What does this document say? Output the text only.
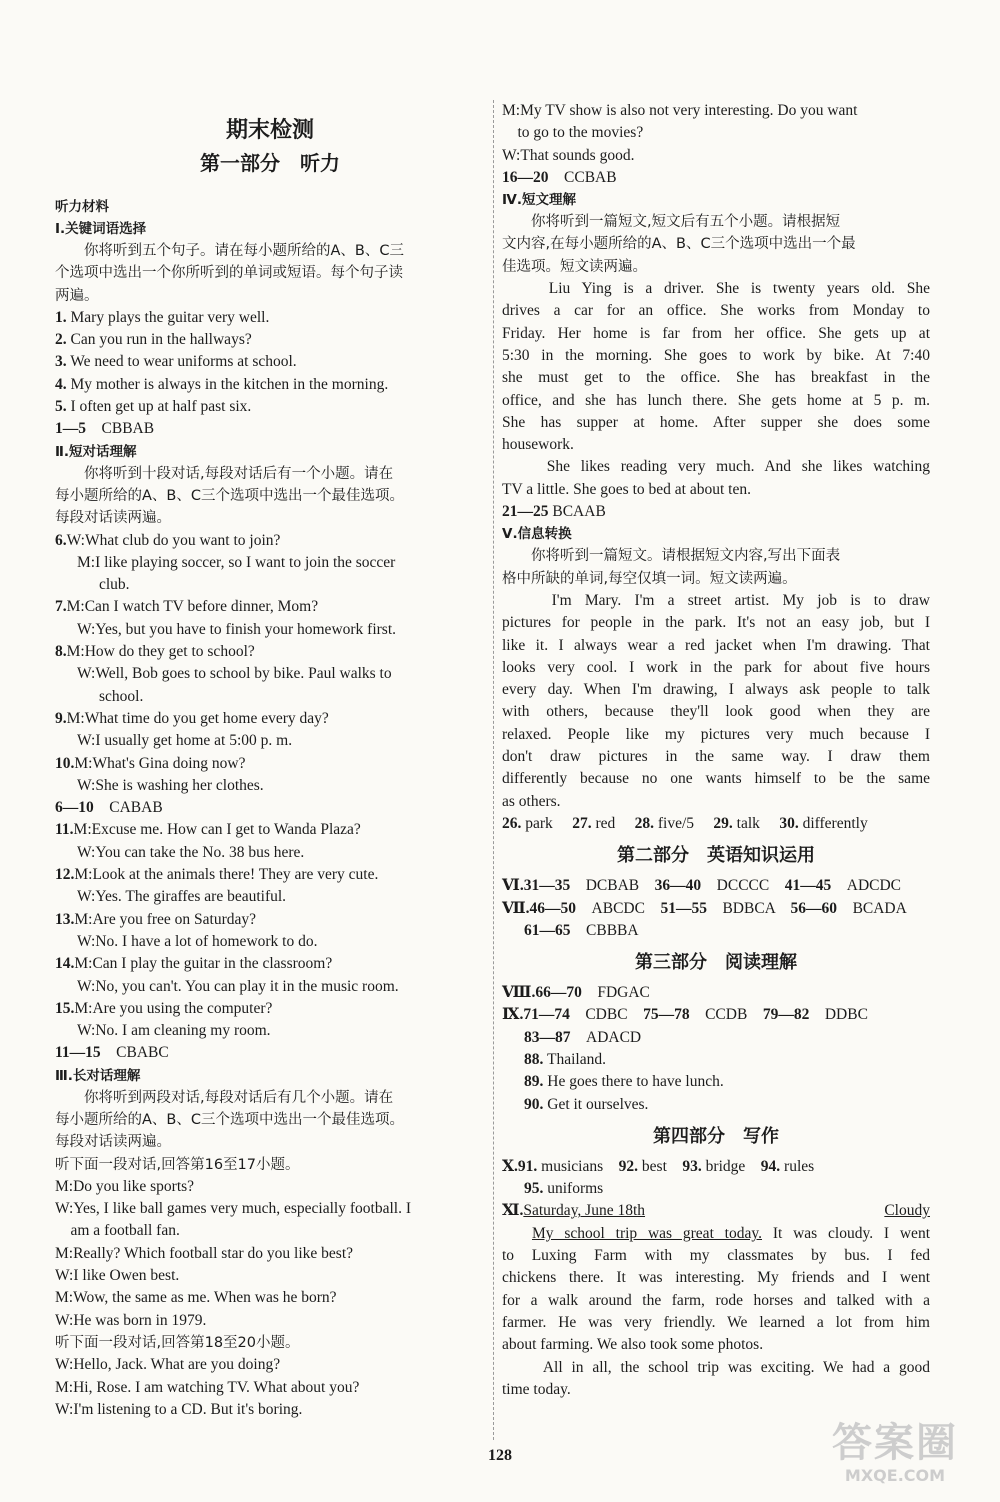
期末检测
第一部分　听力
听力材料
Ⅰ.关键词语选择
　　你将听到五个句子。请在每小题所给的A、B、C三
个选项中选出一个你所听到的单词或短语。每个句子读
两遍。
1. Mary plays the guitar very well.
2. Can you run in the hallways?
3. We need to wear uniforms at school.
4. My mother is always in the kitchen in the morning.
5. I often get up at half past six.
1—5　 CBBAB
Ⅱ.短对话理解
　　你将听到十段对话,每段对话后有一个小题。请在
每小题所给的A、B、C三个选项中选出一个最佳选项。
每段对话读两遍。
6.W:What club do you want to join?
M:I like playing soccer, so I want to join the soccer
club.
7.M:Can I watch TV before dinner, Mom?
W:Yes, but you have to finish your homework first.
8.M:How do they get to school?
W:Well, Bob goes to school by bike. Paul walks to
school.
9.M:What time do you get home every day?
W:I usually get home at 5:00 p. m.
10.M:What's Gina doing now?
W:She is washing her clothes.
6—10　 CABAB
11.M:Excuse me. How can I get to Wanda Plaza?
W:You can take the No. 38 bus here.
12.M:Look at the animals there! They are very cute.
W:Yes. The giraffes are beautiful.
13.M:Are you free on Saturday?
W:No. I have a lot of homework to do.
14.M:Can I play the guitar in the classroom?
W:No, you can't. You can play it in the music room.
15.M:Are you using the computer?
W:No. I am cleaning my room.
11—15　 CBABC
Ⅲ.长对话理解
　　你将听到两段对话,每段对话后有几个小题。请在
每小题所给的A、B、C三个选项中选出一个最佳选项。
每段对话读两遍。
听下面一段对话,回答第16至17小题。
M:Do you like sports?
W:Yes, I like ball games very much, especially football. I
　am a football fan.
M:Really? Which football star do you like best?
W:I like Owen best.
M:Wow, the same as me. When was he born?
W:He was born in 1979.
听下面一段对话,回答第18至20小题。
W:Hello, Jack. What are you doing?
M:Hi, Rose. I am watching TV. What about you?
W:I'm listening to a CD. But it's boring.
M:My TV show is also not very interesting. Do you want
　to go to the movies?
W:That sounds good.
16—20　 CCBAB
Ⅳ.短文理解
　　你将听到一篇短文,短文后有五个小题。请根据短
文内容,在每小题所给的A、B、C三个选项中选出一个最
佳选项。短文读两遍。
　　Liu Ying is a driver. She is twenty years old. She
drives a car for an office. She works from Monday to
Friday. Her home is far from her office. She gets up at
5:30 in the morning. She goes to work by bike. At 7:40
she must get to the office. She has breakfast in the
office, and she has lunch there. She gets home at 5 p. m.
She has supper at home. After supper she does some
housework.
　　She likes reading very much. And she likes watching
TV a little. She goes to bed at about ten.
21—25 BCAAB
Ⅴ.信息转换
　　你将听到一篇短文。请根据短文内容,写出下面表
格中所缺的单词,每空仅填一词。短文读两遍。
　　I'm Mary. I'm a street artist. My job is to draw
pictures for people in the park. It's not an easy job, but I
like it. I always wear a red jacket when I'm drawing. That
looks very cool. I work in the park for about five hours
every day. When I'm drawing, I always ask people to talk
with others, because they'll look good when they are
relaxed. People like my pictures very much because I
don't draw pictures in the same way. I draw them
differently because no one wants himself to be the same
as others.
26. park　 27. red　 28. five/5　 29. talk　 30. differently
第二部分　英语知识运用
Ⅵ.31—35　 DCBAB　 36—40　 DCCCC　 41—45　 ADCDC
Ⅶ.46—50　 ABCDC　 51—55　 BDBCA　 56—60　 BCADA
61—65　 CBBBA
第三部分　阅读理解
Ⅷ.66—70　 FDGAC
Ⅸ.71—74　 CDBC　 75—78　 CCDB　 79—82　 DDBC
83—87　 ADACD
88. Thailand.
89. He goes there to have lunch.
90. Get it ourselves.
第四部分　写作
Ⅹ.91. musicians　 92. best　 93. bridge　 94. rules
95. uniforms
Ⅺ.Saturday, June 18th	Cloudy
My school trip was great today. It was cloudy. I went
to Luxing Farm with my classmates by bus. I fed
chickens there. It was interesting. My friends and I went
for a walk around the farm, rode horses and talked with a
farmer. He was very friendly. We learned a lot from him
about farming. We also took some photos.
　　All in all, the school trip was exciting. We had a good
time today.
128	答案圈
MXQE.COM
